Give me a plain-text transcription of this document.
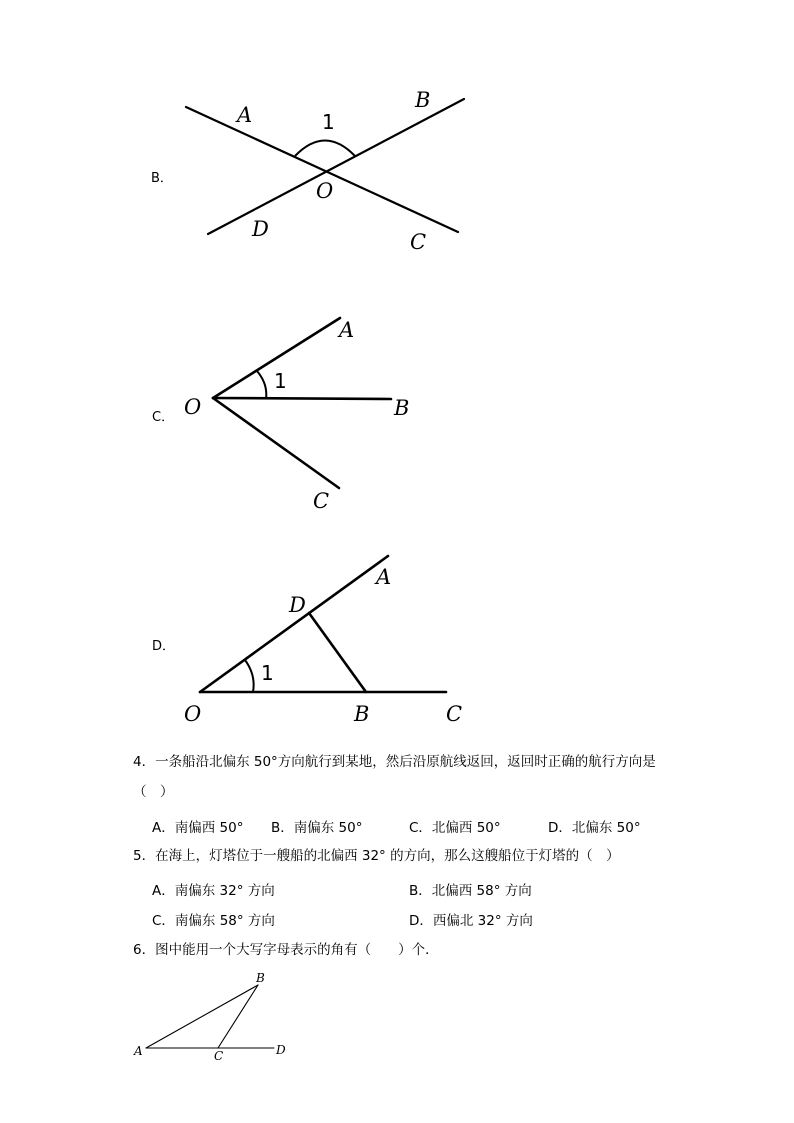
B．
A
B
1
O
D
C
C． O
A
B
C
1
D．
D
A
1
O	B	C
4．一条船沿北偏东 50°方向航行到某地，然后沿原航线返回，返回时正确的航行方向是
（　）
A．南偏西 50° B．南偏东 50°	C．北偏西 50°	D．北偏东 50°
5．在海上，灯塔位于一艘船的北偏西 32° 的方向，那么这艘船位于灯塔的（　）
A．南偏东 32° 方向	B．北偏西 58° 方向
C．南偏东 58° 方向	D．西偏北 32° 方向
6．图中能用一个大写字母表示的角有（　　）个．
A
B
C	D
